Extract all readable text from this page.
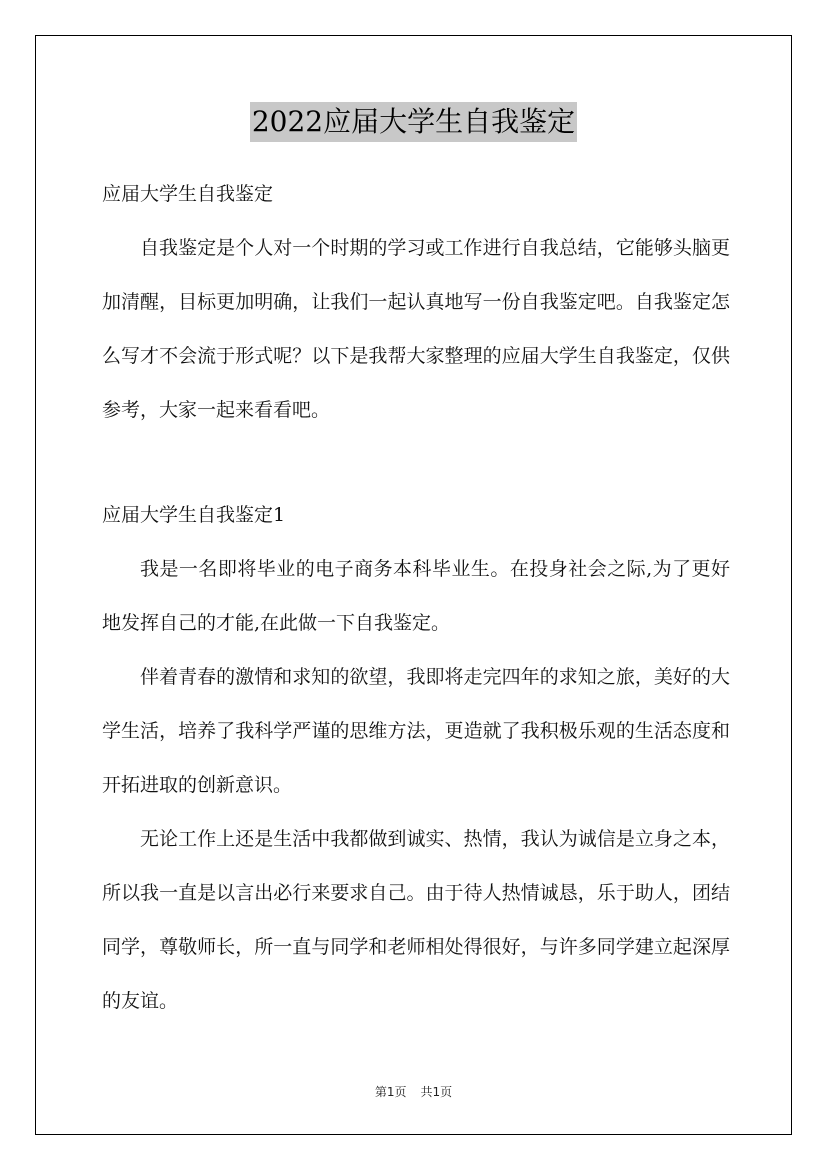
2022应届大学生自我鉴定

应届大学生自我鉴定

自我鉴定是个人对一个时期的学习或工作进行自我总结，它能够头脑更加清醒，目标更加明确，让我们一起认真地写一份自我鉴定吧。自我鉴定怎么写才不会流于形式呢？以下是我帮大家整理的应届大学生自我鉴定，仅供参考，大家一起来看看吧。

应届大学生自我鉴定1

我是一名即将毕业的电子商务本科毕业生。在投身社会之际,为了更好地发挥自己的才能,在此做一下自我鉴定。

伴着青春的激情和求知的欲望，我即将走完四年的求知之旅，美好的大学生活，培养了我科学严谨的思维方法，更造就了我积极乐观的生活态度和开拓进取的创新意识。

无论工作上还是生活中我都做到诚实、热情，我认为诚信是立身之本，所以我一直是以言出必行来要求自己。由于待人热情诚恳，乐于助人，团结同学，尊敬师长，所一直与同学和老师相处得很好，与许多同学建立起深厚的友谊。

第1页 共1页
